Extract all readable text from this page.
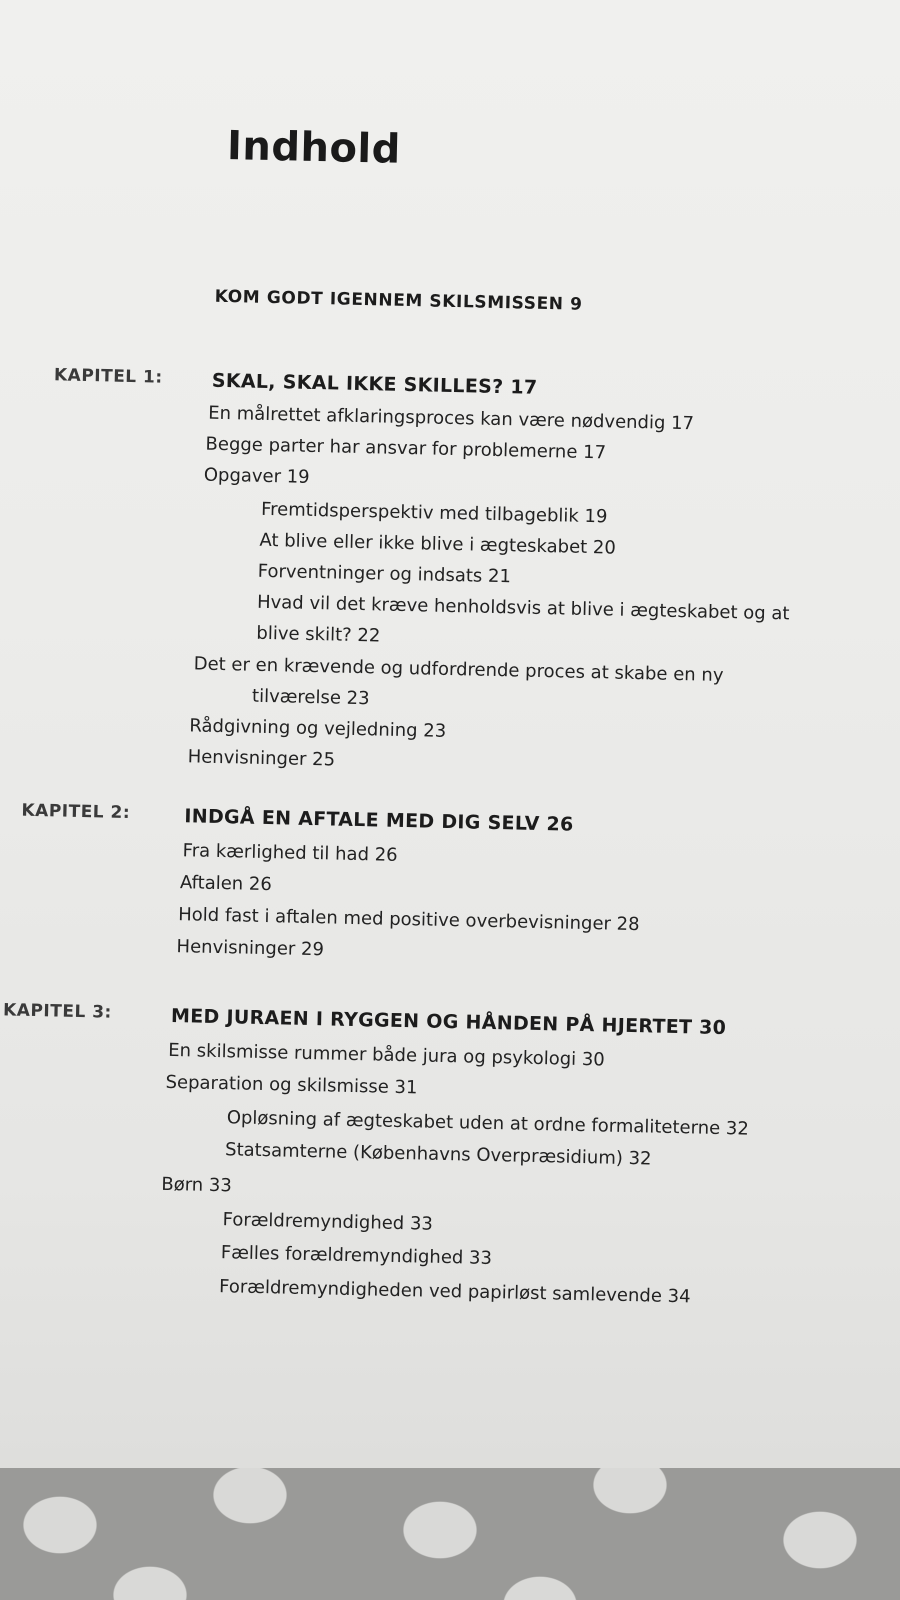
Indhold
KOM GODT IGENNEM SKILSMISSEN 9
KAPITEL 1:	SKAL, SKAL IKKE SKILLES? 17
En målrettet afklaringsproces kan være nødvendig 17
Begge parter har ansvar for problemerne 17
Opgaver 19
Fremtidsperspektiv med tilbageblik 19
At blive eller ikke blive i ægteskabet 20
Forventninger og indsats 21
Hvad vil det kræve henholdsvis at blive i ægteskabet og at
blive skilt? 22
Det er en krævende og udfordrende proces at skabe en ny
tilværelse 23
Rådgivning og vejledning 23
Henvisninger 25
KAPITEL 2:	INDGÅ EN AFTALE MED DIG SELV 26
Fra kærlighed til had 26
Aftalen 26
Hold fast i aftalen med positive overbevisninger 28
Henvisninger 29
KAPITEL 3:	MED JURAEN I RYGGEN OG HÅNDEN PÅ HJERTET 30
En skilsmisse rummer både jura og psykologi 30
Separation og skilsmisse 31
Opløsning af ægteskabet uden at ordne formaliteterne 32
Statsamterne (Københavns Overpræsidium) 32
Børn 33
Forældremyndighed 33
Fælles forældremyndighed 33
Forældremyndigheden ved papirløst samlevende 34
